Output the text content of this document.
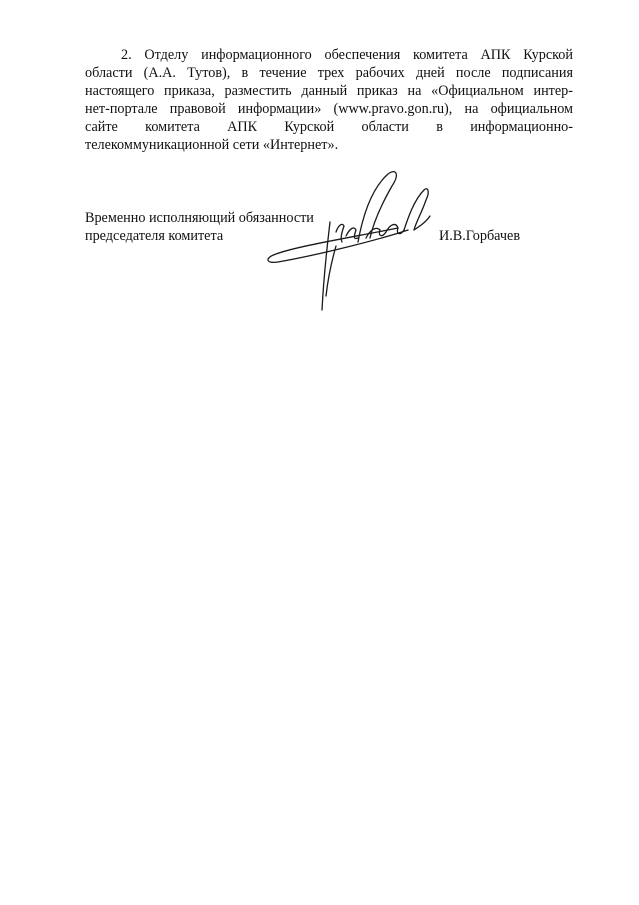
2. Отделу информационного обеспечения комитета АПК Курской
области (А.А. Тутов), в течение трех рабочих дней после подписания
настоящего приказа, разместить данный приказ на «Официальном интер-
нет-портале правовой информации» (www.pravo.gon.ru), на официальном
сайте комитета АПК Курской области в информационно-
телекоммуникационной сети «Интернет».
Временно исполняющий обязанности
председателя комитета	И.В.Горбачев
